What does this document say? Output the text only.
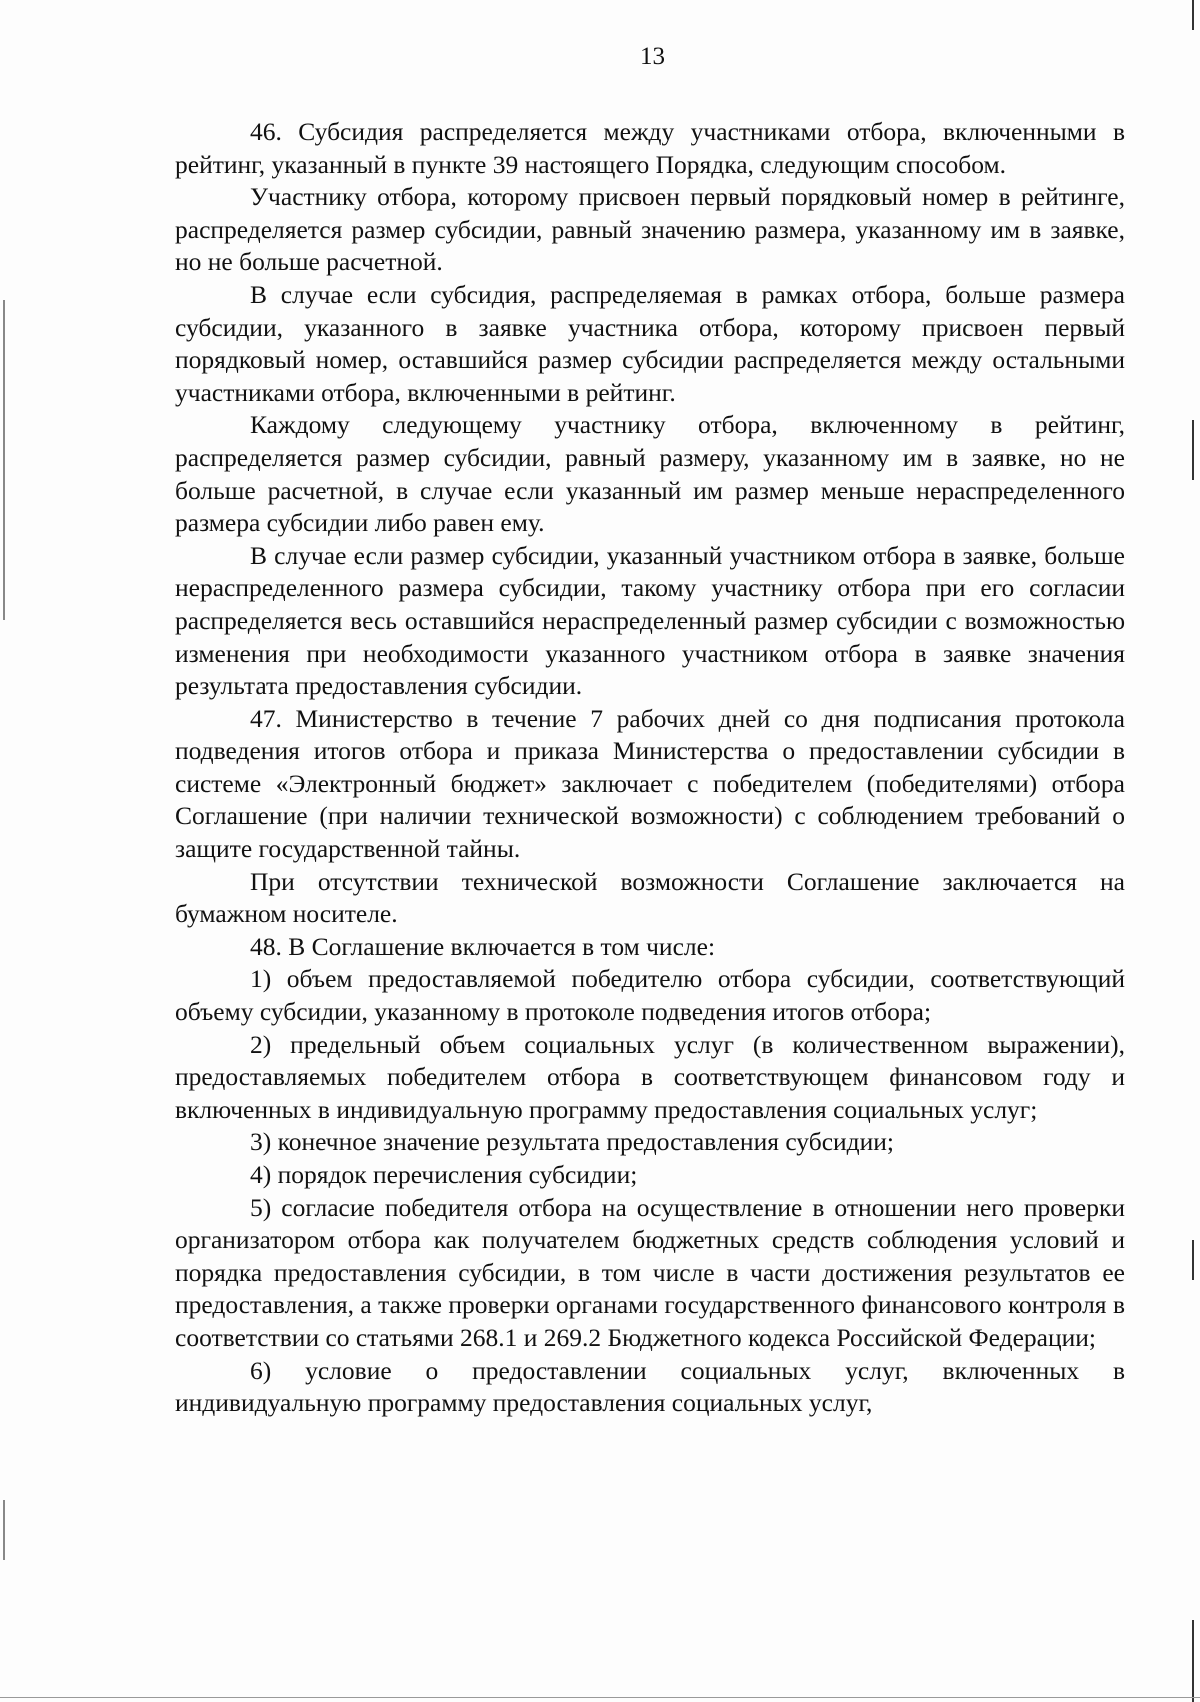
13

46. Субсидия распределяется между участниками отбора, включенными в рейтинг, указанный в пункте 39 настоящего Порядка, следующим способом.

Участнику отбора, которому присвоен первый порядковый номер в рейтинге, распределяется размер субсидии, равный значению размера, указанному им в заявке, но не больше расчетной.

В случае если субсидия, распределяемая в рамках отбора, больше размера субсидии, указанного в заявке участника отбора, которому присвоен первый порядковый номер, оставшийся размер субсидии распределяется между остальными участниками отбора, включенными в рейтинг.

Каждому следующему участнику отбора, включенному в рейтинг, распределяется размер субсидии, равный размеру, указанному им в заявке, но не больше расчетной, в случае если указанный им размер меньше нераспределенного размера субсидии либо равен ему.

В случае если размер субсидии, указанный участником отбора в заявке, больше нераспределенного размера субсидии, такому участнику отбора при его согласии распределяется весь оставшийся нераспределенный размер субсидии с возможностью изменения при необходимости указанного участником отбора в заявке значения результата предоставления субсидии.

47. Министерство в течение 7 рабочих дней со дня подписания протокола подведения итогов отбора и приказа Министерства о предоставлении субсидии в системе «Электронный бюджет» заключает с победителем (победителями) отбора Соглашение (при наличии технической возможности) с соблюдением требований о защите государственной тайны.

При отсутствии технической возможности Соглашение заключается на бумажном носителе.

48. В Соглашение включается в том числе:

1) объем предоставляемой победителю отбора субсидии, соответствующий объему субсидии, указанному в протоколе подведения итогов отбора;

2) предельный объем социальных услуг (в количественном выражении), предоставляемых победителем отбора в соответствующем финансовом году и включенных в индивидуальную программу предоставления социальных услуг;

3) конечное значение результата предоставления субсидии;

4) порядок перечисления субсидии;

5) согласие победителя отбора на осуществление в отношении него проверки организатором отбора как получателем бюджетных средств соблюдения условий и порядка предоставления субсидии, в том числе в части достижения результатов ее предоставления, а также проверки органами государственного финансового контроля в соответствии со статьями 268.1 и 269.2 Бюджетного кодекса Российской Федерации;

6) условие о предоставлении социальных услуг, включенных в индивидуальную программу предоставления социальных услуг,
